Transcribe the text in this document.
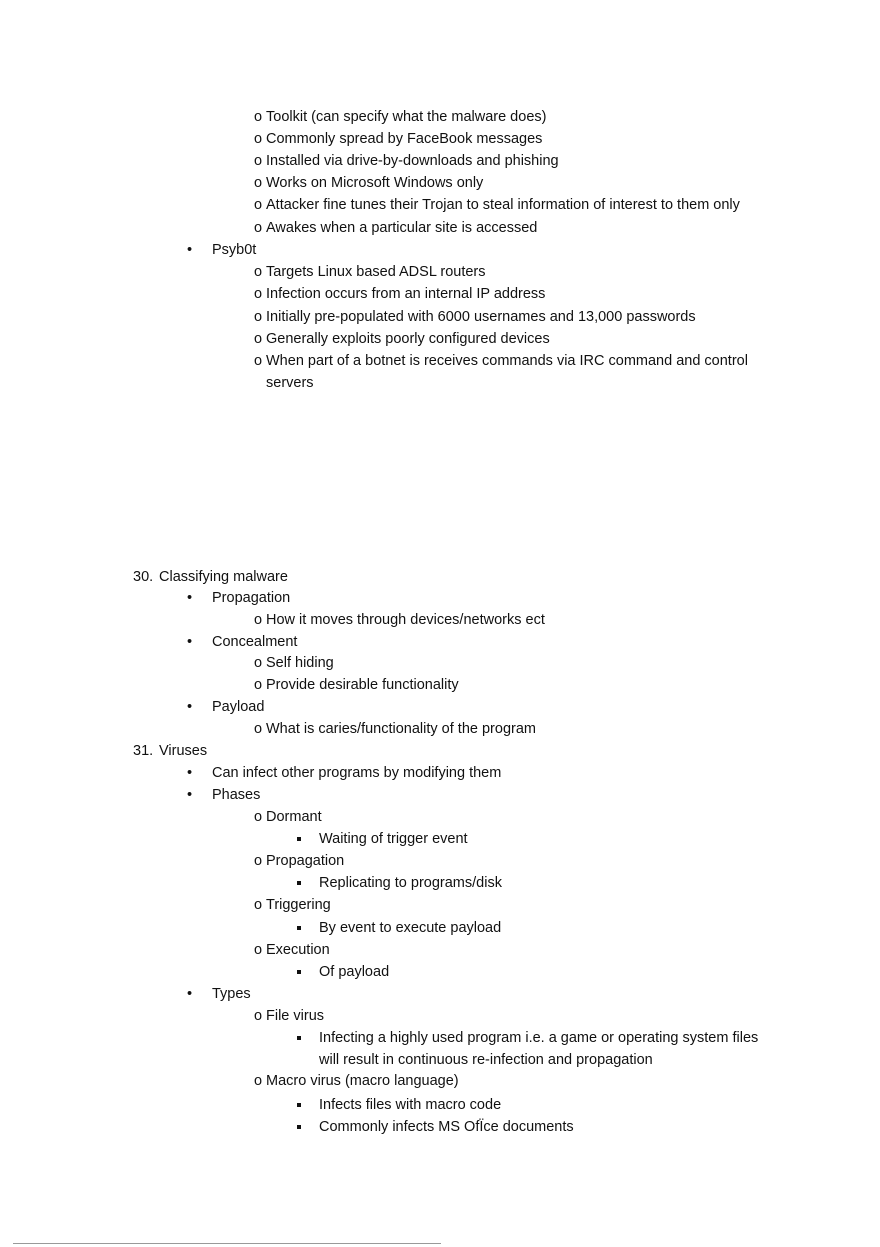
o Toolkit (can specify what the malware does)
o Commonly spread by FaceBook messages
o Installed via drive-by-downloads and phishing
o Works on Microsoft Windows only
o Attacker fine tunes their Trojan to steal information of interest to them only
o Awakes when a particular site is accessed
• Psyb0t
o Targets Linux based ADSL routers
o Infection occurs from an internal IP address
o Initially pre-populated with 6000 usernames and 13,000 passwords
o Generally exploits poorly configured devices
o When part of a botnet is receives commands via IRC command and control
servers
30. Classifying malware
• Propagation
o How it moves through devices/networks ect
• Concealment
o Self hiding
o Provide desirable functionality
• Payload
o What is caries/functionality of the program
31. Viruses
• Can infect other programs by modifying them
• Phases
o Dormant
Waiting of trigger event
o Propagation
Replicating to programs/disk
o Triggering
By event to execute payload
o Execution
Of payload
• Types
o File virus
Infecting a highly used program i.e. a game or operating system files
will result in continuous re-infection and propagation
o Macro virus (macro language)
Infects files with macro code
Commonly infects MS OfÏce documents
